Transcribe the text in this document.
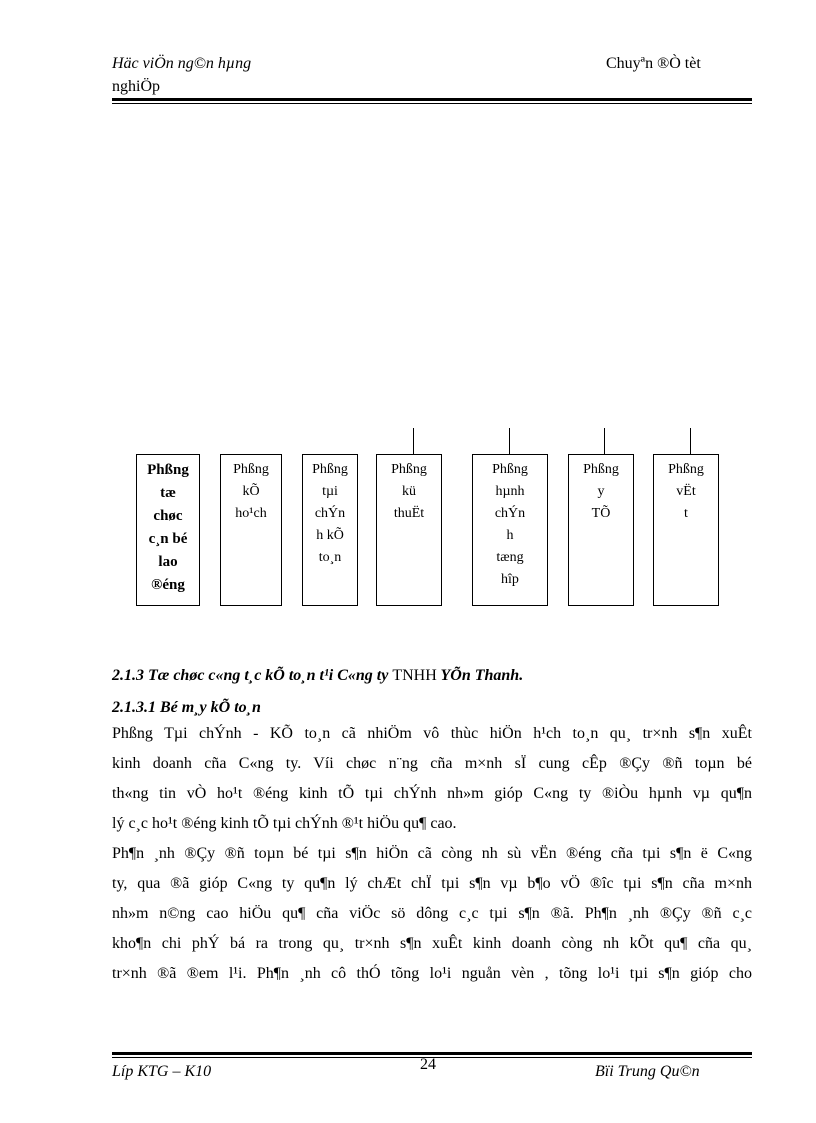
Häc viÖn ng©n hµng
nghiÖp
Chuyªn ®Ò tèt
Phßng
tæ
chøc
c¸n bé
lao
®éng
Phßng
kÕ
ho¹ch
Phßng
tµi
chÝn
h kÕ
to¸n
Phßng
kü
thuËt
Phßng
hµnh
chÝn
h
tæng
hîp
Phßng
y
TÕ
Phßng
vËt
t
2.1.3 Tæ chøc c«ng t¸c kÕ to¸n t¹i C«ng ty TNHH YÕn Thanh.
2.1.3.1 Bé m¸y kÕ to¸n
Phßng Tµi chÝnh - KÕ to¸n cã nhiÖm vô thùc hiÖn h¹ch to¸n qu¸ tr×nh s¶n xuÊt
kinh doanh cña C«ng ty. Víi chøc n¨ng cña m×nh sÏ cung cÊp ®Çy ®ñ toµn bé
th«ng tin vÒ ho¹t ®éng kinh tÕ tµi chÝnh nh»m gióp C«ng ty ®iÒu hµnh vµ qu¶n
lý c¸c ho¹t ®éng kinh tÕ tµi chÝnh ®¹t hiÖu qu¶ cao.
Ph¶n ¸nh ®Çy ®ñ toµn bé tµi s¶n hiÖn cã còng nh sù vËn ®éng cña tµi s¶n ë C«ng
ty, qua ®ã gióp C«ng ty qu¶n lý chÆt chÏ tµi s¶n vµ b¶o vÖ ®îc tµi s¶n cña m×nh
nh»m n©ng cao hiÖu qu¶ cña viÖc sö dông c¸c tµi s¶n ®ã. Ph¶n ¸nh ®Çy ®ñ c¸c
kho¶n chi phÝ bá ra trong qu¸ tr×nh s¶n xuÊt kinh doanh còng nh kÕt qu¶ cña qu¸
tr×nh ®ã ®em l¹i. Ph¶n ¸nh cô thÓ tõng lo¹i nguån vèn , tõng lo¹i tµi s¶n gióp cho
Líp KTG – K10	24	Bïi Trung Qu©n
